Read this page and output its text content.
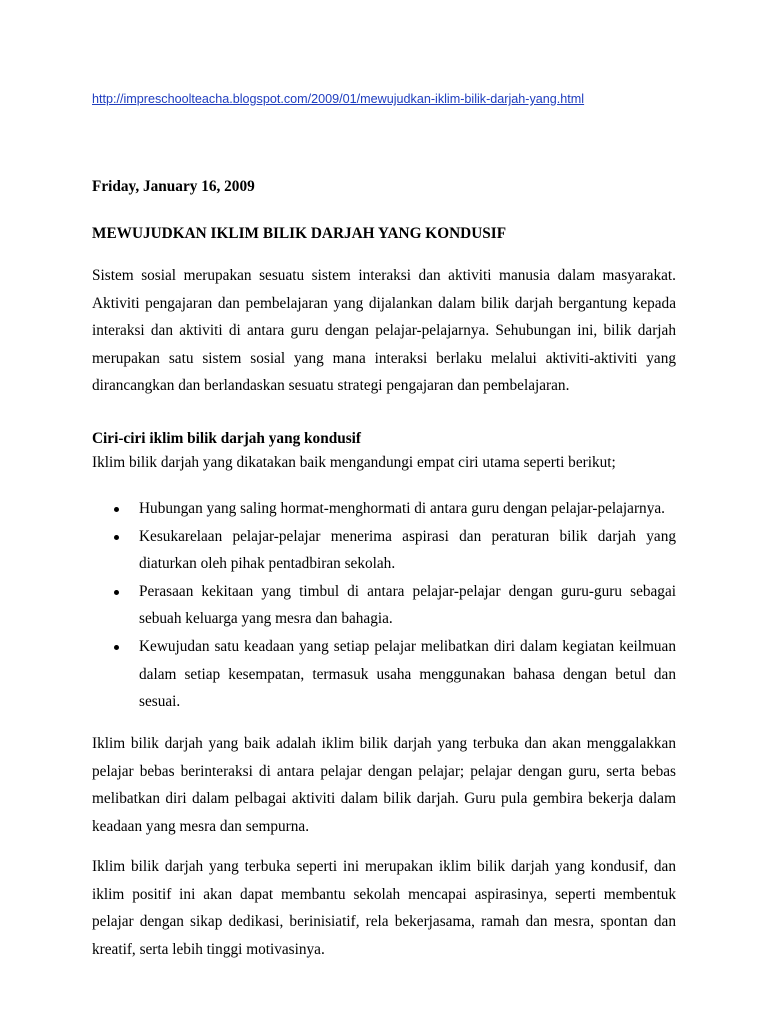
http://impreschoolteacha.blogspot.com/2009/01/mewujudkan-iklim-bilik-darjah-yang.html
Friday, January 16, 2009
MEWUJUDKAN IKLIM BILIK DARJAH YANG KONDUSIF

Sistem sosial merupakan sesuatu sistem interaksi dan aktiviti manusia dalam masyarakat. Aktiviti pengajaran dan pembelajaran yang dijalankan dalam bilik darjah bergantung kepada interaksi dan aktiviti di antara guru dengan pelajar-pelajarnya. Sehubungan ini, bilik darjah merupakan satu sistem sosial yang mana interaksi berlaku melalui aktiviti-aktiviti yang dirancangkan dan berlandaskan sesuatu strategi pengajaran dan pembelajaran.

Ciri-ciri iklim bilik darjah yang kondusif
Iklim bilik darjah yang dikatakan baik mengandungi empat ciri utama seperti berikut;
Hubungan yang saling hormat-menghormati di antara guru dengan pelajar-pelajarnya.
Kesukarelaan pelajar-pelajar menerima aspirasi dan peraturan bilik darjah yang diaturkan oleh pihak pentadbiran sekolah.
Perasaan kekitaan yang timbul di antara pelajar-pelajar dengan guru-guru sebagai sebuah keluarga yang mesra dan bahagia.
Kewujudan satu keadaan yang setiap pelajar melibatkan diri dalam kegiatan keilmuan dalam setiap kesempatan, termasuk usaha menggunakan bahasa dengan betul dan sesuai.

Iklim bilik darjah yang baik adalah iklim bilik darjah yang terbuka dan akan menggalakkan pelajar bebas berinteraksi di antara pelajar dengan pelajar; pelajar dengan guru, serta bebas melibatkan diri dalam pelbagai aktiviti dalam bilik darjah. Guru pula gembira bekerja dalam keadaan yang mesra dan sempurna.

Iklim bilik darjah yang terbuka seperti ini merupakan iklim bilik darjah yang kondusif, dan iklim positif ini akan dapat membantu sekolah mencapai aspirasinya, seperti membentuk pelajar dengan sikap dedikasi, berinisiatif, rela bekerjasama, ramah dan mesra, spontan dan kreatif, serta lebih tinggi motivasinya.
